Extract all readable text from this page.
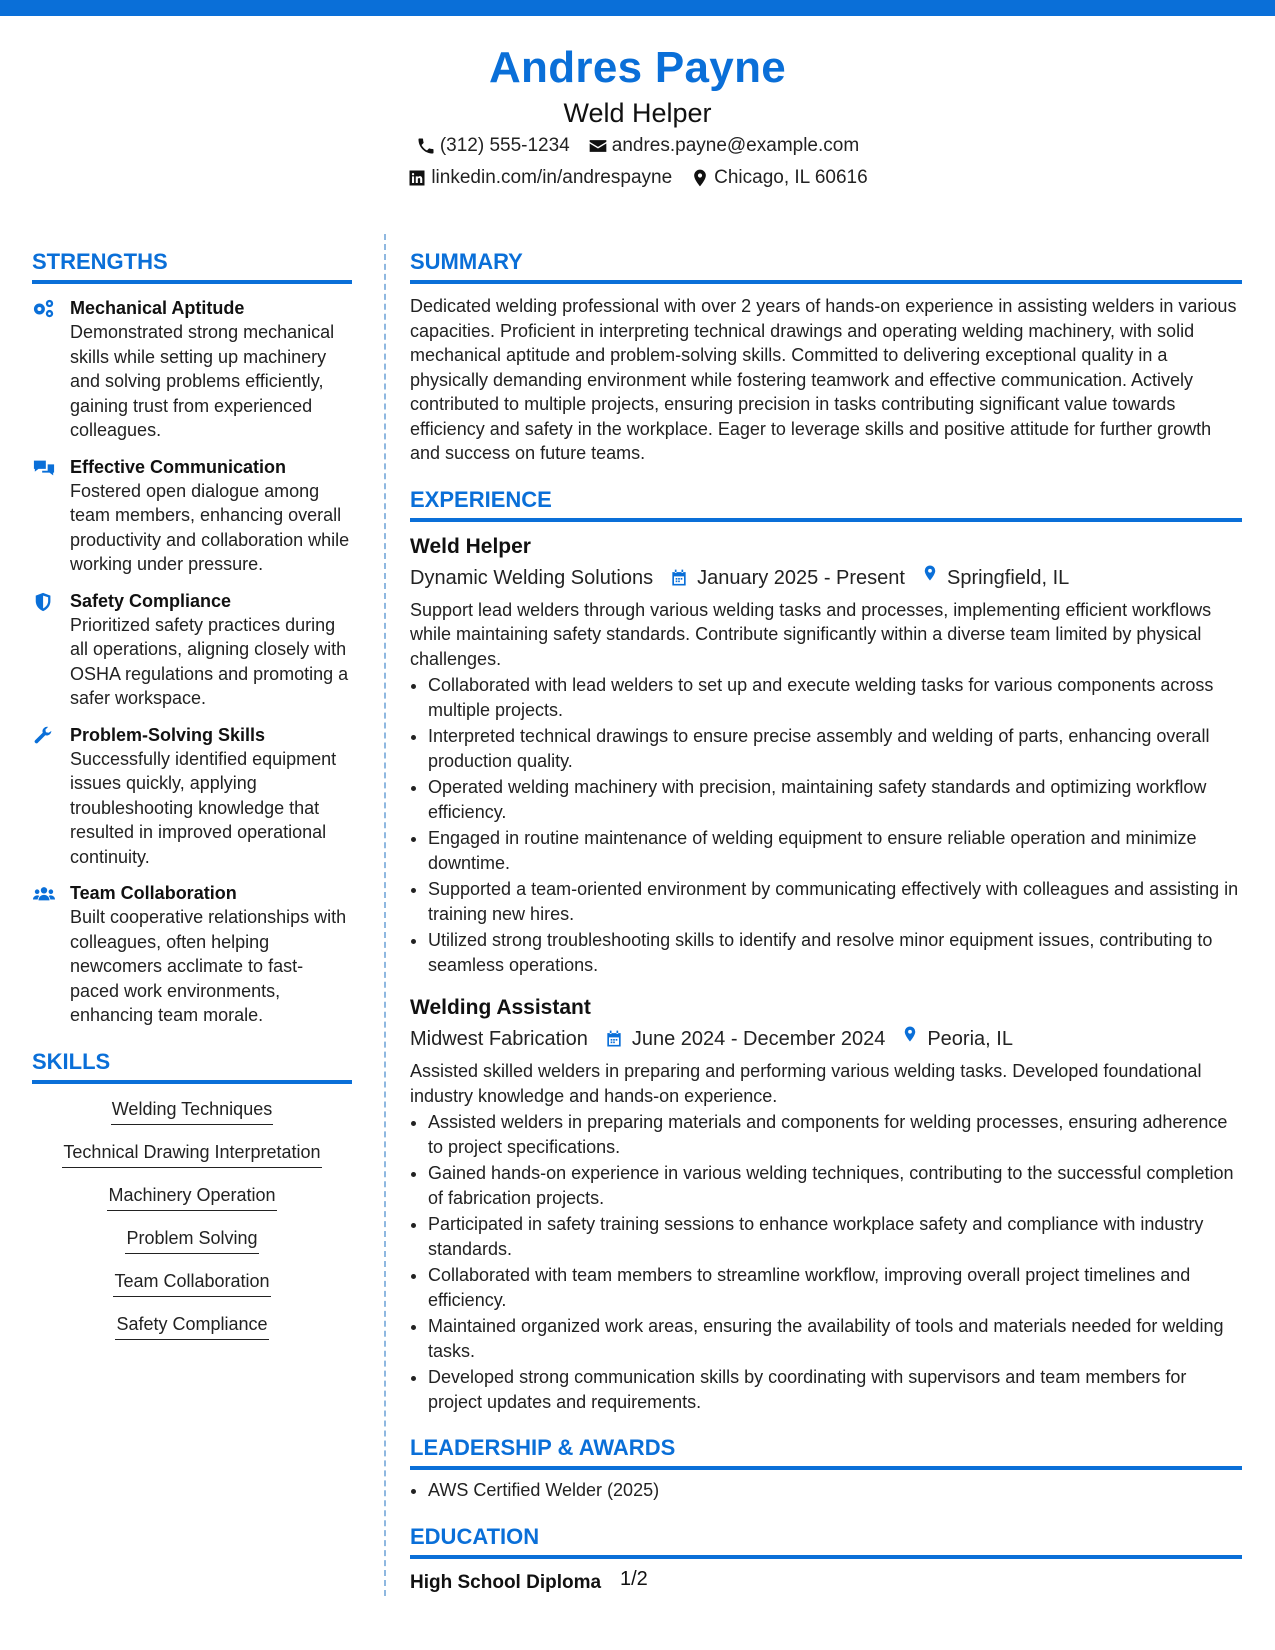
Andres Payne
Weld Helper
(312) 555-1234 andres.payne@example.com
linkedin.com/in/andrespayne Chicago, IL 60616
STRENGTHS
Mechanical Aptitude

Demonstrated strong mechanical skills while setting up machinery and solving problems efficiently, gaining trust from experienced colleagues.

Effective Communication

Fostered open dialogue among team members, enhancing overall productivity and collaboration while working under pressure.

Safety Compliance

Prioritized safety practices during all operations, aligning closely with OSHA regulations and promoting a safer workspace.

Problem-Solving Skills

Successfully identified equipment issues quickly, applying troubleshooting knowledge that resulted in improved operational continuity.

Team Collaboration

Built cooperative relationships with colleagues, often helping newcomers acclimate to fast-paced work environments, enhancing team morale.

SKILLS
Welding Techniques
Technical Drawing Interpretation
Machinery Operation
Problem Solving
Team Collaboration
Safety Compliance
SUMMARY

Dedicated welding professional with over 2 years of hands-on experience in assisting welders in various capacities. Proficient in interpreting technical drawings and operating welding machinery, with solid mechanical aptitude and problem-solving skills. Committed to delivering exceptional quality in a physically demanding environment while fostering teamwork and effective communication. Actively contributed to multiple projects, ensuring precision in tasks contributing significant value towards efficiency and safety in the workplace. Eager to leverage skills and positive attitude for further growth and success on future teams.

EXPERIENCE
Weld Helper
Dynamic Welding Solutions January 2025 - Present Springfield, IL

Support lead welders through various welding tasks and processes, implementing efficient workflows while maintaining safety standards. Contribute significantly within a diverse team limited by physical challenges.

• Collaborated with lead welders to set up and execute welding tasks for various components across multiple projects.
• Interpreted technical drawings to ensure precise assembly and welding of parts, enhancing overall production quality.
• Operated welding machinery with precision, maintaining safety standards and optimizing workflow efficiency.
• Engaged in routine maintenance of welding equipment to ensure reliable operation and minimize downtime.
• Supported a team-oriented environment by communicating effectively with colleagues and assisting in training new hires.
• Utilized strong troubleshooting skills to identify and resolve minor equipment issues, contributing to seamless operations.
Welding Assistant
Midwest Fabrication June 2024 - December 2024 Peoria, IL

Assisted skilled welders in preparing and performing various welding tasks. Developed foundational industry knowledge and hands-on experience.

• Assisted welders in preparing materials and components for welding processes, ensuring adherence to project specifications.
• Gained hands-on experience in various welding techniques, contributing to the successful completion of fabrication projects.
• Participated in safety training sessions to enhance workplace safety and compliance with industry standards.
• Collaborated with team members to streamline workflow, improving overall project timelines and efficiency.
• Maintained organized work areas, ensuring the availability of tools and materials needed for welding tasks.
• Developed strong communication skills by coordinating with supervisors and team members for project updates and requirements.
LEADERSHIP & AWARDS
• AWS Certified Welder (2025)
EDUCATION
High School Diploma 1/2
